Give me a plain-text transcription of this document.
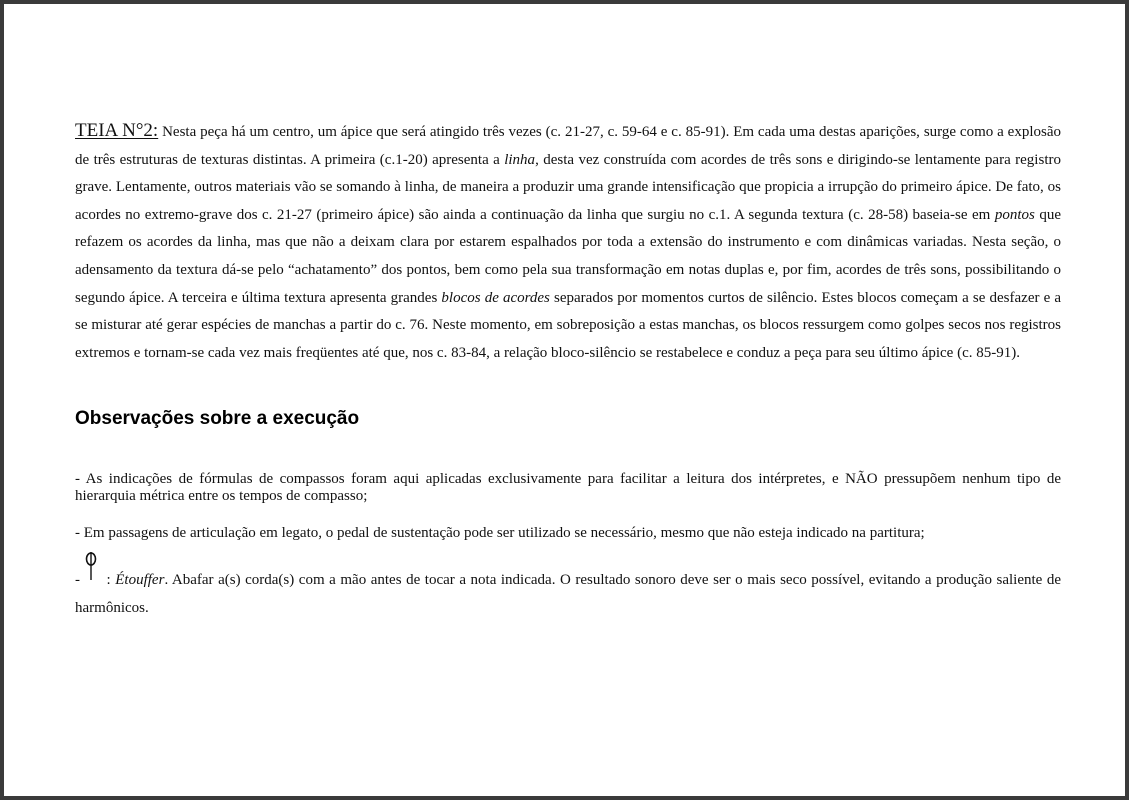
TEIA N°2: Nesta peça há um centro, um ápice que será atingido três vezes (c. 21-27, c. 59-64 e c. 85-91). Em cada uma destas aparições, surge como a explosão de três estruturas de texturas distintas. A primeira (c.1-20) apresenta a linha, desta vez construída com acordes de três sons e dirigindo-se lentamente para registro grave. Lentamente, outros materiais vão se somando à linha, de maneira a produzir uma grande intensificação que propicia a irrupção do primeiro ápice. De fato, os acordes no extremo-grave dos c. 21-27 (primeiro ápice) são ainda a continuação da linha que surgiu no c.1. A segunda textura (c. 28-58) baseia-se em pontos que refazem os acordes da linha, mas que não a deixam clara por estarem espalhados por toda a extensão do instrumento e com dinâmicas variadas. Nesta seção, o adensamento da textura dá-se pelo “achatamento” dos pontos, bem como pela sua transformação em notas duplas e, por fim, acordes de três sons, possibilitando o segundo ápice. A terceira e última textura apresenta grandes blocos de acordes separados por momentos curtos de silêncio. Estes blocos começam a se desfazer e a se misturar até gerar espécies de manchas a partir do c. 76. Neste momento, em sobreposição a estas manchas, os blocos ressurgem como golpes secos nos registros extremos e tornam-se cada vez mais freqüentes até que, nos c. 83-84, a relação bloco-silêncio se restabelece e conduz a peça para seu último ápice (c. 85-91).

Observações sobre a execução

- As indicações de fórmulas de compassos foram aqui aplicadas exclusivamente para facilitar a leitura dos intérpretes, e NÃO pressupõem nenhum tipo de hierarquia métrica entre os tempos de compasso;

- Em passagens de articulação em legato, o pedal de sustentação pode ser utilizado se necessário, mesmo que não esteja indicado na partitura;

-
: Étouffer. Abafar a(s) corda(s) com a mão antes de tocar a nota indicada. O resultado sonoro deve ser o mais seco possível, evitando a produção saliente de harmônicos.
